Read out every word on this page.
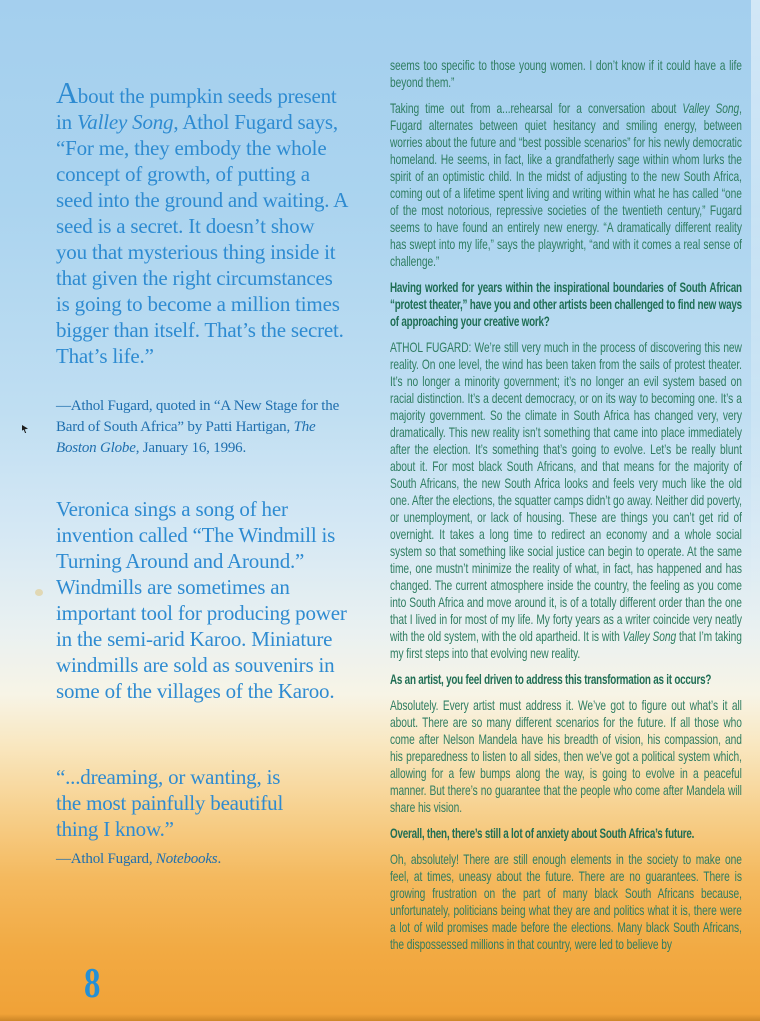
About the pumpkin seeds present in Valley Song, Athol Fugard says, “For me, they embody the whole concept of growth, of putting a seed into the ground and waiting. A seed is a secret. It doesn’t show you that mysterious thing inside it that given the right circumstances is going to become a million times bigger than itself. That’s the secret. That’s life.”

—Athol Fugard, quoted in “A New Stage for the Bard of South Africa” by Patti Hartigan, The Boston Globe, January 16, 1996.

Veronica sings a song of her invention called “The Windmill is Turning Around and Around.” Windmills are sometimes an important tool for producing power in the semi-arid Karoo. Miniature windmills are sold as souvenirs in some of the villages of the Karoo.
“...dreaming, or wanting, is the most painfully beautiful thing I know.”

—Athol Fugard, Notebooks.

8

seems too specific to those young women. I don’t know if it could have a life beyond them.”

Taking time out from a...rehearsal for a conversation about Valley Song, Fugard alternates between quiet hesitancy and smiling energy, between worries about the future and “best possible scenarios” for his newly democratic homeland. He seems, in fact, like a grandfatherly sage within whom lurks the spirit of an optimistic child. In the midst of adjusting to the new South Africa, coming out of a lifetime spent living and writing within what he has called “one of the most notorious, repressive societies of the twentieth century,” Fugard seems to have found an entirely new energy. “A dramatically different reality has swept into my life,” says the playwright, “and with it comes a real sense of challenge.”

Having worked for years within the inspirational boundaries of South African “protest theater,” have you and other artists been challenged to find new ways of approaching your creative work?

ATHOL FUGARD: We’re still very much in the process of discovering this new reality. On one level, the wind has been taken from the sails of protest theater. It’s no longer a minority government; it’s no longer an evil system based on racial distinction. It’s a decent democracy, or on its way to becoming one. It’s a majority government. So the climate in South Africa has changed very, very dramatically. This new reality isn’t something that came into place immediately after the election. It’s something that’s going to evolve. Let’s be really blunt about it. For most black South Africans, and that means for the majority of South Africans, the new South Africa looks and feels very much like the old one. After the elections, the squatter camps didn’t go away. Neither did poverty, or unemployment, or lack of housing. These are things you can’t get rid of overnight. It takes a long time to redirect an economy and a whole social system so that something like social justice can begin to operate. At the same time, one mustn’t minimize the reality of what, in fact, has happened and has changed. The current atmosphere inside the country, the feeling as you come into South Africa and move around it, is of a totally different order than the one that I lived in for most of my life. My forty years as a writer coincide very neatly with the old system, with the old apartheid. It is with Valley Song that I’m taking my first steps into that evolving new reality.

As an artist, you feel driven to address this transformation as it occurs?

Absolutely. Every artist must address it. We’ve got to figure out what’s it all about. There are so many different scenarios for the future. If all those who come after Nelson Mandela have his breadth of vision, his compassion, and his preparedness to listen to all sides, then we’ve got a political system which, allowing for a few bumps along the way, is going to evolve in a peaceful manner. But there’s no guarantee that the people who come after Mandela will share his vision.

Overall, then, there’s still a lot of anxiety about South Africa’s future.

Oh, absolutely! There are still enough elements in the society to make one feel, at times, uneasy about the future. There are no guarantees. There is growing frustration on the part of many black South Africans because, unfortunately, politicians being what they are and politics what it is, there were a lot of wild promises made before the elections. Many black South Africans, the dispossessed millions in that country, were led to believe by
